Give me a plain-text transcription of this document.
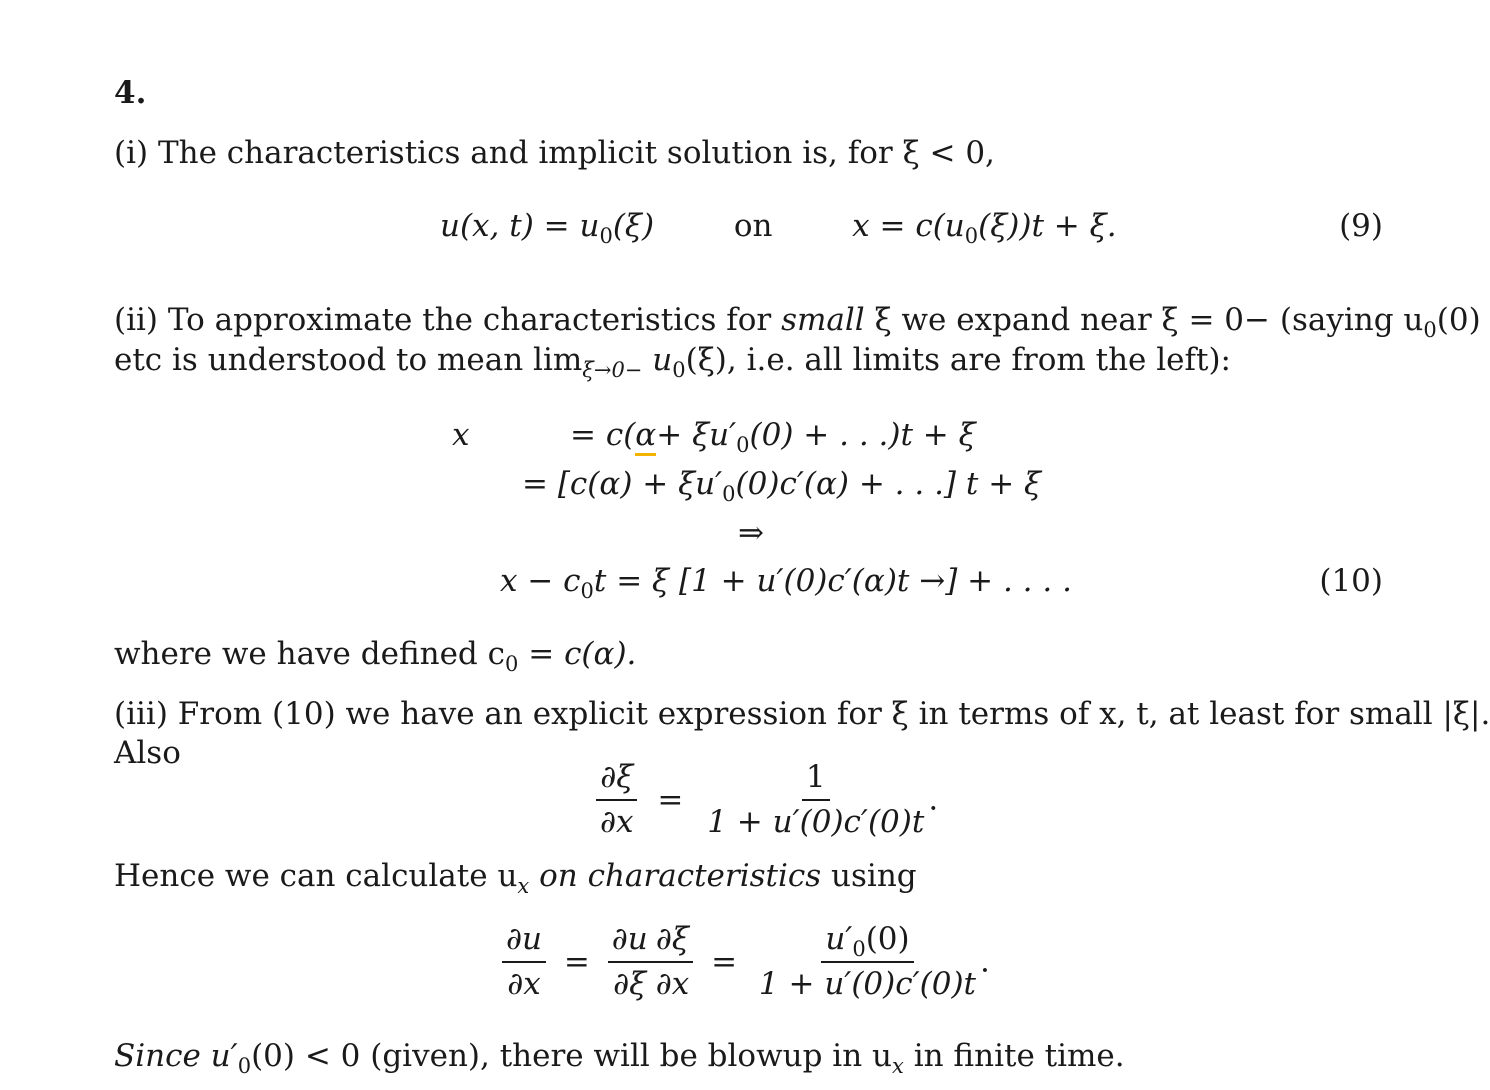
4.
(i) The characteristics and implicit solution is, for ξ < 0,
u(x, $t) = u_0(\xi)$	on	$x = c(u_0(\xi))t + \xi$.	(9)
(ii) To approximate the characteristics for small ξ we expand near ξ = 0− (saying $u_0(0)$
etc is understood to mean $\lim_{\xi\to 0-} u_0(\xi)$, i.e. all limits are from the left):
x	= $c(\alpha+ \xi u'_0(0)$ + . . .)t + ξ
= [$c(\alpha) + \xi u'_0(0)c'(\alpha)$ + . . .] t + ξ
⇒
$x - c_0t = \xi$ [1 + u′(0)c′(α)t →] + . . . .	(10)
where we have defined $c_0 = c(\alpha)$.
(iii) From (10) we have an explicit expression for ξ in terms of x, t, at least for small |ξ|.
Also
$\frac{\partial\xi}{\partial x} = \frac{1}{1 + u'(0)c'(0)t}$ .
Hence we can calculate $u_x$ on characteristics using
$\frac{\partial u}{\partial x} = \frac{\partial u}{\partial\xi} \frac{\partial\xi}{\partial x} = \frac{u'_0(0)}{1 + u'(0)c'(0)t}$ .
Since $u'_0(0) < 0$ (given), there will be blowup in $u_x$ in finite time.
